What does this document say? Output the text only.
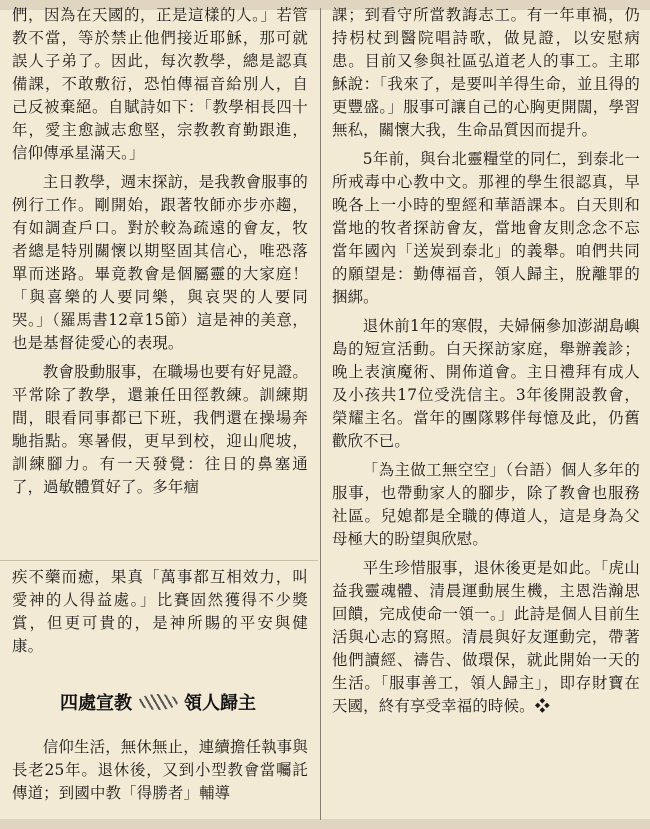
們，因為在天國的，正是這樣的人。」若管教不當，等於禁止他們接近耶穌，那可就誤人子弟了。因此，每次教學，總是認真備課，不敢敷衍，恐怕傳福音給別人，自己反被棄絕。自賦詩如下：「教學相長四十年，愛主愈誠志愈堅，宗教教育勤跟進，信仰傳承星滿天。」

主日教學，週末探訪，是我教會服事的例行工作。剛開始，跟著牧師亦步亦趨，有如調查戶口。對於較為疏遠的會友，牧者總是特別關懷以期堅固其信心，唯恐落單而迷路。畢竟教會是個屬靈的大家庭！「與喜樂的人要同樂，與哀哭的人要同哭。」（羅馬書12章15節）這是神的美意，也是基督徒愛心的表現。

教會股動服事，在職場也要有好見證。平常除了教學，還兼任田徑教練。訓練期間，眼看同事都已下班，我們還在操場奔馳指點。寒暑假，更早到校，迎山爬坡，訓練腳力。有一天發覺：往日的鼻塞通了，過敏體質好了。多年痼

疾不藥而癒，果真「萬事都互相效力，叫愛神的人得益處。」比賽固然獲得不少獎賞，但更可貴的，是神所賜的平安與健康。

四處宣教	領人歸主

信仰生活，無休無止，連續擔任執事與長老25年。退休後，又到小型教會當囑託傳道；到國中教「得勝者」輔導

課；到看守所當教誨志工。有一年車禍，仍持枴杖到醫院唱詩歌，做見證，以安慰病患。目前又參與社區弘道老人的事工。主耶穌說：「我來了，是要叫羊得生命，並且得的更豐盛。」服事可讓自己的心胸更開闊，學習無私，關懷大我，生命品質因而提升。

5年前，與台北靈糧堂的同仁，到泰北一所戒毒中心教中文。那裡的學生很認真，早晚各上一小時的聖經和華語課本。白天則和當地的牧者探訪會友，當地會友則念念不忘當年國內「送炭到泰北」的義舉。咱們共同的願望是：勤傳福音，領人歸主，脫離罪的捆綁。

退休前1年的寒假，夫婦倆參加澎湖島嶼島的短宣活動。白天探訪家庭，舉辦義診；晚上表演魔術、開佈道會。主日禮拜有成人及小孩共17位受洗信主。3年後開設教會，榮耀主名。當年的團隊夥伴每憶及此，仍舊歡欣不已。

「為主做工無空空」（台語）個人多年的服事，也帶動家人的腳步，除了教會也服務社區。兒媳都是全職的傳道人，這是身為父母極大的盼望與欣慰。

平生珍惜服事，退休後更是如此。「虎山益我靈魂體、清晨運動展生機，主恩浩瀚思回饋，完成使命一領一。」此詩是個人目前生活與心志的寫照。清晨與好友運動完，帶著他們讀經、禱告、做環保，就此開始一天的生活。「服事善工，領人歸主」，即存財寶在天國，終有享受幸福的時候。❖
